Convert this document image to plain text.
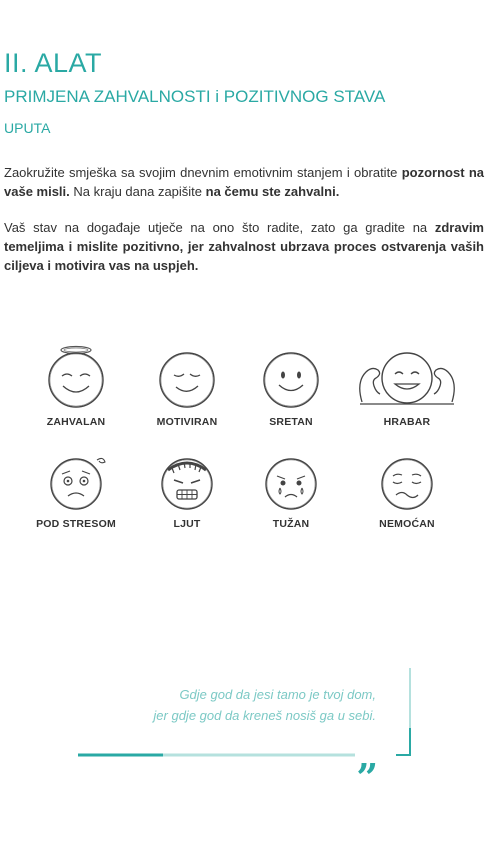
II. ALAT
PRIMJENA ZAHVALNOSTI i POZITIVNOG STAVA
UPUTA

Zaokružite smješka sa svojim dnevnim emotivnim stanjem i obratite pozornost na vaše misli. Na kraju dana zapišite na čemu ste zahvalni.

Vaš stav na događaje utječe na ono što radite, zato ga gradite na zdravim temeljima i mislite pozitivno, jer zahvalnost ubrzava proces ostvarenja vaših ciljeva i motivira vas na uspjeh.

ZAHVALAN	MOTIVIRAN	SRETAN	HRABAR
POD STRESOM	LJUT	TUŽAN	NEMOĆAN
Gdje god da jesi tamo je tvoj dom,
jer gdje god da kreneš nosiš ga u sebi.
„
